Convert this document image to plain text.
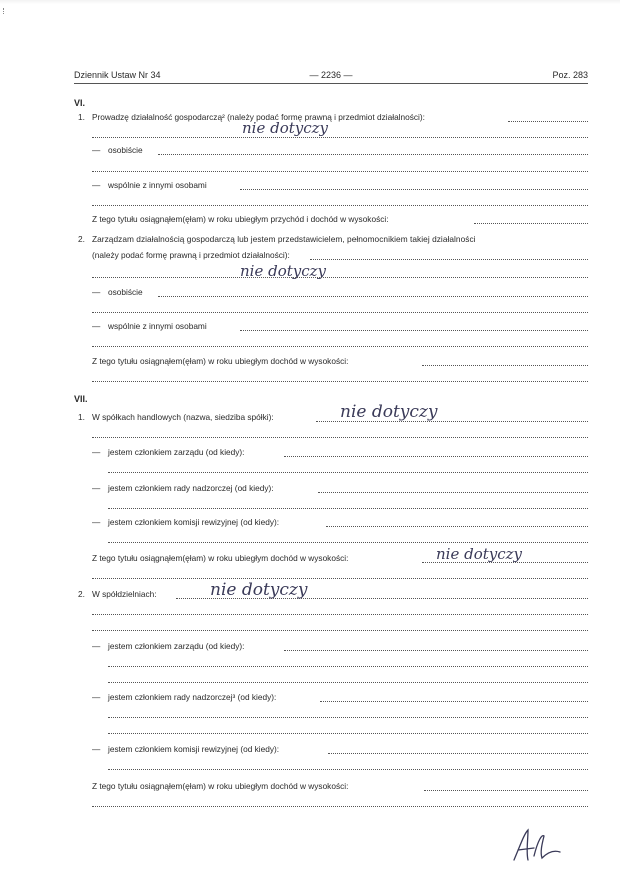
Dziennik Ustaw Nr 34	— 2236 —	Poz. 283
VI.
1. Prowadzę działalność gospodarczą² (należy podać formę prawną i przedmiot działalności):
nie dotyczy
— osobiście
— wspólnie z innymi osobami
Z tego tytułu osiągnąłem(ęłam) w roku ubiegłym przychód i dochód w wysokości:
2. Zarządzam działalnością gospodarczą lub jestem przedstawicielem, pełnomocnikiem takiej działalności
(należy podać formę prawną i przedmiot działalności):
nie dotyczy
— osobiście
— wspólnie z innymi osobami
Z tego tytułu osiągnąłem(ęłam) w roku ubiegłym dochód w wysokości:
VII.
1. W spółkach handlowych (nazwa, siedziba spółki):	nie dotyczy
— jestem członkiem zarządu (od kiedy):
— jestem członkiem rady nadzorczej (od kiedy):
— jestem członkiem komisji rewizyjnej (od kiedy):
Z tego tytułu osiągnąłem(ęłam) w roku ubiegłym dochód w wysokości:	nie dotyczy
2. W spółdzielniach:	nie dotyczy
— jestem członkiem zarządu (od kiedy):
— jestem członkiem rady nadzorczej³ (od kiedy):
— jestem członkiem komisji rewizyjnej (od kiedy):
Z tego tytułu osiągnąłem(ęłam) w roku ubiegłym dochód w wysokości:
